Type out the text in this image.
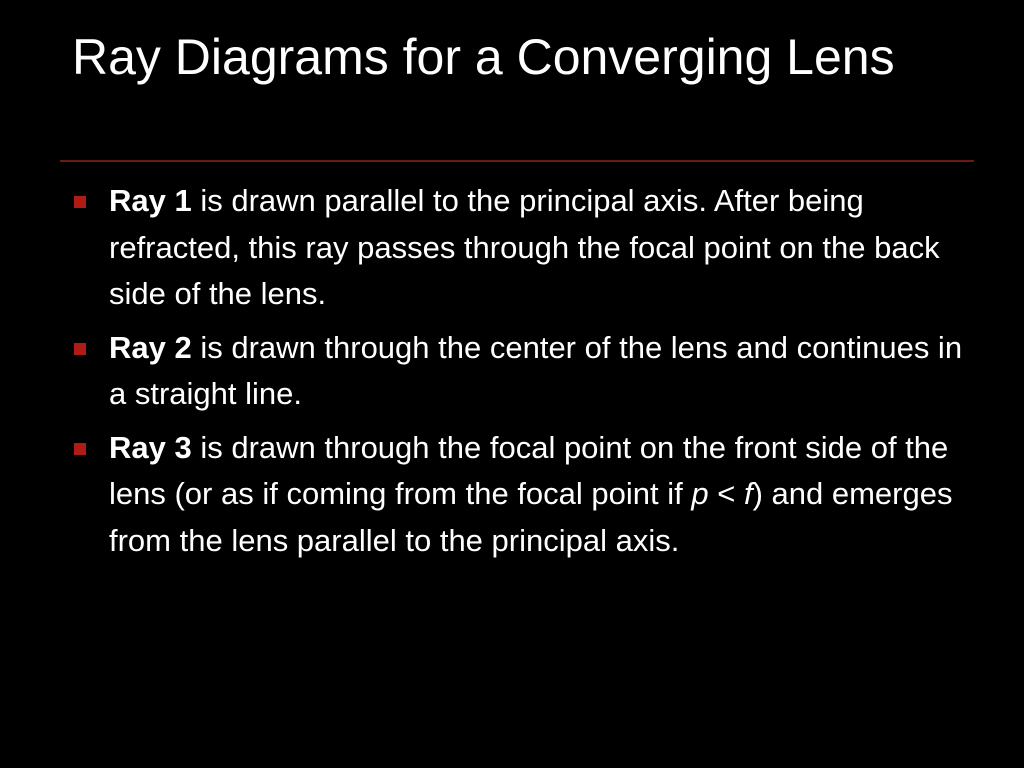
Ray Diagrams for a Converging Lens
Ray 1 is drawn parallel to the principal axis. After being refracted, this ray passes through the focal point on the back side of the lens.
Ray 2 is drawn through the center of the lens and continues in a straight line.
Ray 3 is drawn through the focal point on the front side of the lens (or as if coming from the focal point if p < f) and emerges from the lens parallel to the principal axis.
